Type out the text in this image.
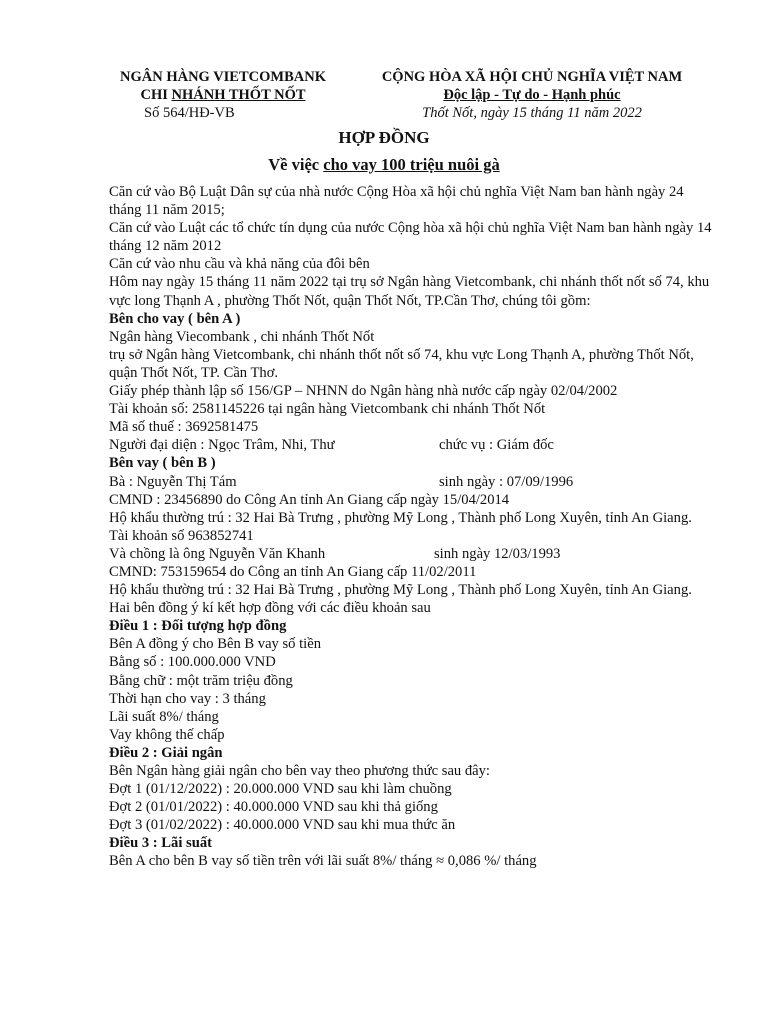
NGÂN HÀNG VIETCOMBANK
CHI NHÁNH THỐT NỐT
Số 564/HĐ-VB
CỘNG HÒA XÃ HỘI CHỦ NGHĨA VIỆT NAM
Độc lập - Tự do - Hạnh phúc
Thốt Nốt, ngày 15 tháng 11 năm 2022
HỢP ĐỒNG
Về việc cho vay 100 triệu nuôi gà

Căn cứ vào Bộ Luật Dân sự của nhà nước Cộng Hòa xã hội chủ nghĩa Việt Nam ban hành ngày 24 tháng 11 năm 2015;

Căn cứ vào Luật các tổ chức tín dụng của nước Cộng hòa xã hội chủ nghĩa Việt Nam ban hành ngày 14 tháng 12 năm 2012

Căn cứ vào nhu cầu và khả năng của đôi bên

Hôm nay ngày 15 tháng 11 năm 2022 tại trụ sở Ngân hàng Vietcombank, chi nhánh thốt nốt số 74, khu vực long Thạnh A , phường Thốt Nốt, quận Thốt Nốt, TP.Cần Thơ, chúng tôi gồm:

Bên cho vay ( bên A )

Ngân hàng Viecombank , chi nhánh Thốt Nốt

trụ sở Ngân hàng Vietcombank, chi nhánh thốt nốt số 74, khu vực Long Thạnh A, phường Thốt Nốt, quận Thốt Nốt, TP. Cần Thơ.

Giấy phép thành lập số 156/GP – NHNN do Ngân hàng nhà nước cấp ngày 02/04/2002

Tài khoản số: 2581145226 tại ngân hàng Vietcombank chi nhánh Thốt Nốt

Mã số thuế : 3692581475

Người đại diện : Ngọc Trâm, Nhi, Thư	chức vụ : Giám đốc

Bên vay ( bên B )

Bà : Nguyễn Thị Tám	sinh ngày : 07/09/1996

CMND : 23456890 do Công An tỉnh An Giang cấp ngày 15/04/2014

Hộ khẩu thường trú : 32 Hai Bà Trưng , phường Mỹ Long , Thành phố Long Xuyên, tỉnh An Giang.

Tài khoản số 963852741

Và chồng là ông Nguyễn Văn Khanh	sinh ngày 12/03/1993

CMND: 753159654 do Công an tỉnh An Giang cấp 11/02/2011

Hộ khẩu thường trú : 32 Hai Bà Trưng , phường Mỹ Long , Thành phố Long Xuyên, tỉnh An Giang.

Hai bên đồng ý kí kết hợp đồng với các điều khoản sau

Điều 1 : Đối tượng hợp đồng

Bên A đồng ý cho Bên B vay số tiền

Bằng số : 100.000.000 VND

Bằng chữ : một trăm triệu đồng

Thời hạn cho vay : 3 tháng

Lãi suất 8%/ tháng

Vay không thế chấp

Điều 2 : Giải ngân

Bên Ngân hàng giải ngân cho bên vay theo phương thức sau đây:

Đợt 1 (01/12/2022) : 20.000.000 VND sau khi làm chuồng

Đợt 2 (01/01/2022) : 40.000.000 VND sau khi thả giống

Đợt 3 (01/02/2022) : 40.000.000 VND sau khi mua thức ăn

Điều 3 : Lãi suất

Bên A cho bên B vay số tiền trên với lãi suất 8%/ tháng ≈ 0,086 %/ tháng
